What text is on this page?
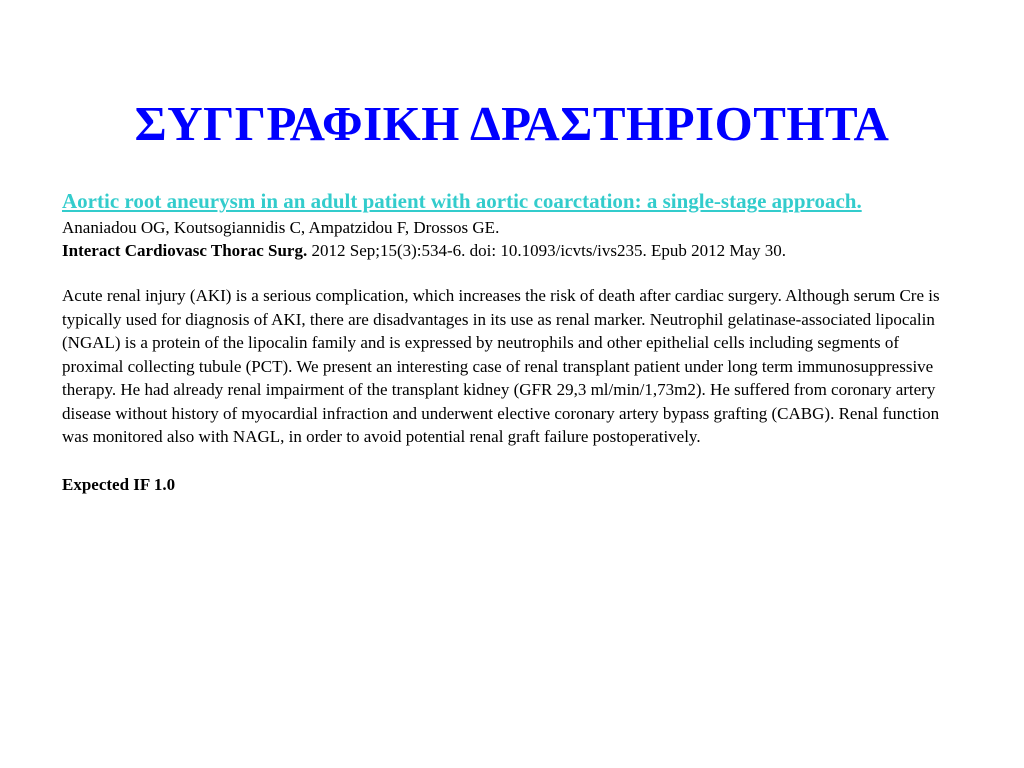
ΣΥΓΓΡΑΦΙΚΗ ΔΡΑΣΤΗΡΙΟΤΗΤΑ
Aortic root aneurysm in an adult patient with aortic coarctation: a single-stage approach.

Ananiadou OG, Koutsogiannidis C, Ampatzidou F, Drossos GE.

Interact Cardiovasc Thorac Surg. 2012 Sep;15(3):534-6. doi: 10.1093/icvts/ivs235. Epub 2012 May 30.

Acute renal injury (AKI) is a serious complication, which increases the risk of death after cardiac surgery. Although serum Cre is typically used for diagnosis of AKI, there are disadvantages in its use as renal marker. Neutrophil gelatinase-associated lipocalin (NGAL) is a protein of the lipocalin family and is expressed by neutrophils and other epithelial cells including segments of proximal collecting tubule (PCT). We present an interesting case of renal transplant patient under long term immunosuppressive therapy. He had already renal impairment of the transplant kidney (GFR 29,3 ml/min/1,73m2). He suffered from coronary artery disease without history of myocardial infraction and underwent elective coronary artery bypass grafting (CABG). Renal function was monitored also with NAGL, in order to avoid potential renal graft failure postoperatively.

Expected IF 1.0
